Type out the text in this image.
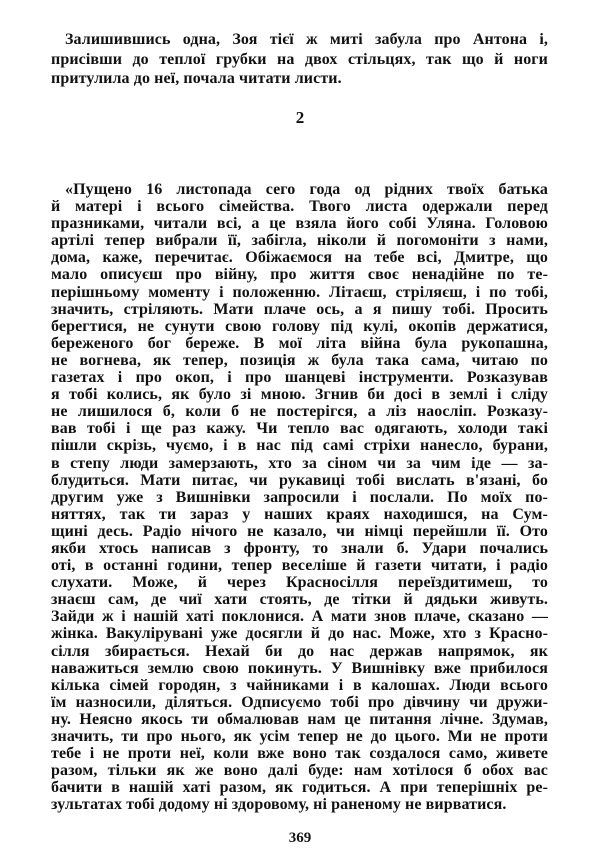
Залишившись одна, Зоя тієї ж миті забула про Антона і,
присівши до теплої грубки на двох стільцях, так що й ноги
притулила до неї, почала читати листи.
2
«Пущено 16 листопада сего года од рідних твоїх батька
й матері і всього сімейства. Твого листа одержали перед
празниками, читали всі, а це взяла його собі Уляна. Головою
артілі тепер вибрали її, забігла, ніколи й погомоніти з нами,
дома, каже, перечитає. Обіжаємося на тебе всі, Дмитре, що
мало описуєш про війну, про життя своє ненадійне по те-
перішньому моменту і положенню. Літаєш, стріляєш, і по тобі,
значить, стріляють. Мати плаче ось, а я пишу тобі. Просить
берегтися, не сунути свою голову під кулі, окопів держатися,
береженого бог береже. В мої літа війна була рукопашна,
не вогнева, як тепер, позиція ж була така сама, читаю по
газетах і про окоп, і про шанцеві інструменти. Розказував
я тобі колись, як було зі мною. Згнив би досі в землі і сліду
не лишилося б, коли б не постерігся, а ліз наосліп. Розказу-
вав тобі і ще раз кажу. Чи тепло вас одягають, холоди такі
пішли скрізь, чуємо, і в нас під самі стріхи нанесло, бурани,
в степу люди замерзають, хто за сіном чи за чим іде — за-
блудиться. Мати питає, чи рукавиці тобі вислать в'язані, бо
другим уже з Вишнівки запросили і послали. По моїх по-
няттях, так ти зараз у наших краях находишся, на Сум-
щині десь. Радіо нічого не казало, чи німці перейшли її. Ото
якби хтось написав з фронту, то знали б. Удари почались
оті, в останні години, тепер веселіше й газети читати, і радіо
слухати. Може, й через Красносілля переїздитимеш, то
знаєш сам, де чиї хати стоять, де тітки й дядьки живуть.
Зайди ж і нашій хаті поклонися. А мати знов плаче, сказано —
жінка. Вакулірувані уже досягли й до нас. Може, хто з Красно-
сілля збирається. Нехай би до нас держав напрямок, як
наважиться землю свою покинуть. У Вишнівку вже прибилося
кілька сімей городян, з чайниками і в калошах. Люди всього
їм назносили, діляться. Одписуємо тобі про дівчину чи дружи-
ну. Неясно якось ти обмалював нам це питання лічне. Здумав,
значить, ти про нього, як усім тепер не до цього. Ми не проти
тебе і не проти неї, коли вже воно так создалося само, живете
разом, тільки як же воно далі буде: нам хотілося б обох вас
бачити в нашій хаті разом, як годиться. А при теперішніх ре-
зультатах тобі додому ні здоровому, ні раненому не вирватися.
369
